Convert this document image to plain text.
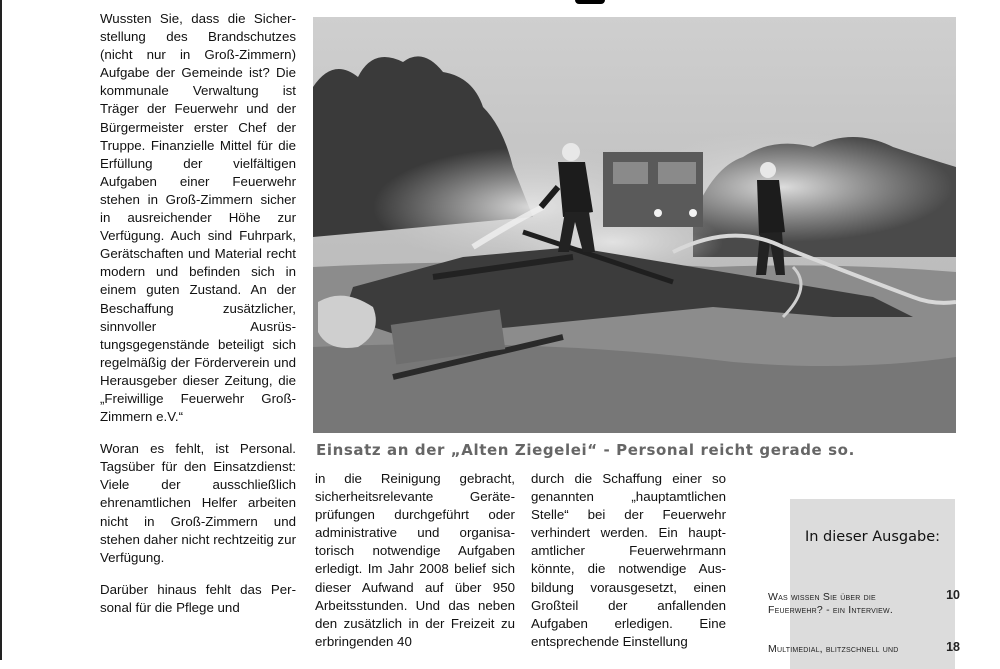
Wussten Sie, dass die Sicherstellung des Brandschutzes (nicht nur in Groß-Zimmern) Aufgabe der Gemeinde ist? Die kommunale Verwaltung ist Träger der Feuerwehr und der Bürgermeister erster Chef der Truppe. Finanzielle Mittel für die Erfüllung der vielfältigen Aufgaben einer Feuerwehr stehen in Groß-Zimmern sicher in ausreichender Höhe zur Verfügung. Auch sind Fuhrpark, Gerätschaften und Material recht modern und befinden sich in einem guten Zustand. An der Beschaffung zusätzlicher, sinnvoller Ausrüstungsgegenstände beteiligt sich regelmäßig der Förderverein und Herausgeber dieser Zeitung, die „Freiwillige Feuerwehr Groß-Zimmern e.V.“

Woran es fehlt, ist Personal. Tagsüber für den Einsatzdienst: Viele der ausschließlich ehrenamtlichen Helfer arbeiten nicht in Groß-Zimmern und stehen daher nicht rechtzeitig zur Verfügung.

Darüber hinaus fehlt das Personal für die Pflege und

Einsatz an der „Alten Ziegelei“ - Personal reicht gerade so.

in die Reinigung gebracht, sicherheitsrelevante Geräteprüfungen durchgeführt oder administrative und organisatorisch notwendige Aufgaben erledigt. Im Jahr 2008 belief sich dieser Aufwand auf über 950 Arbeitsstunden. Und das neben den zusätzlich in der Freizeit zu erbringenden 40

durch die Schaffung einer so genannten „hauptamtlichen Stelle“ bei der Feuerwehr verhindert werden. Ein hauptamtlicher Feuerwehrmann könnte, die notwendige Ausbildung vorausgesetzt, einen Großteil der anfallenden Aufgaben erledigen. Eine entsprechende Einstellung

In dieser Ausgabe:
Was wissen Sie über die Feuerwehr? - ein Interview.
10
Multimedial, blitzschnell und	18
